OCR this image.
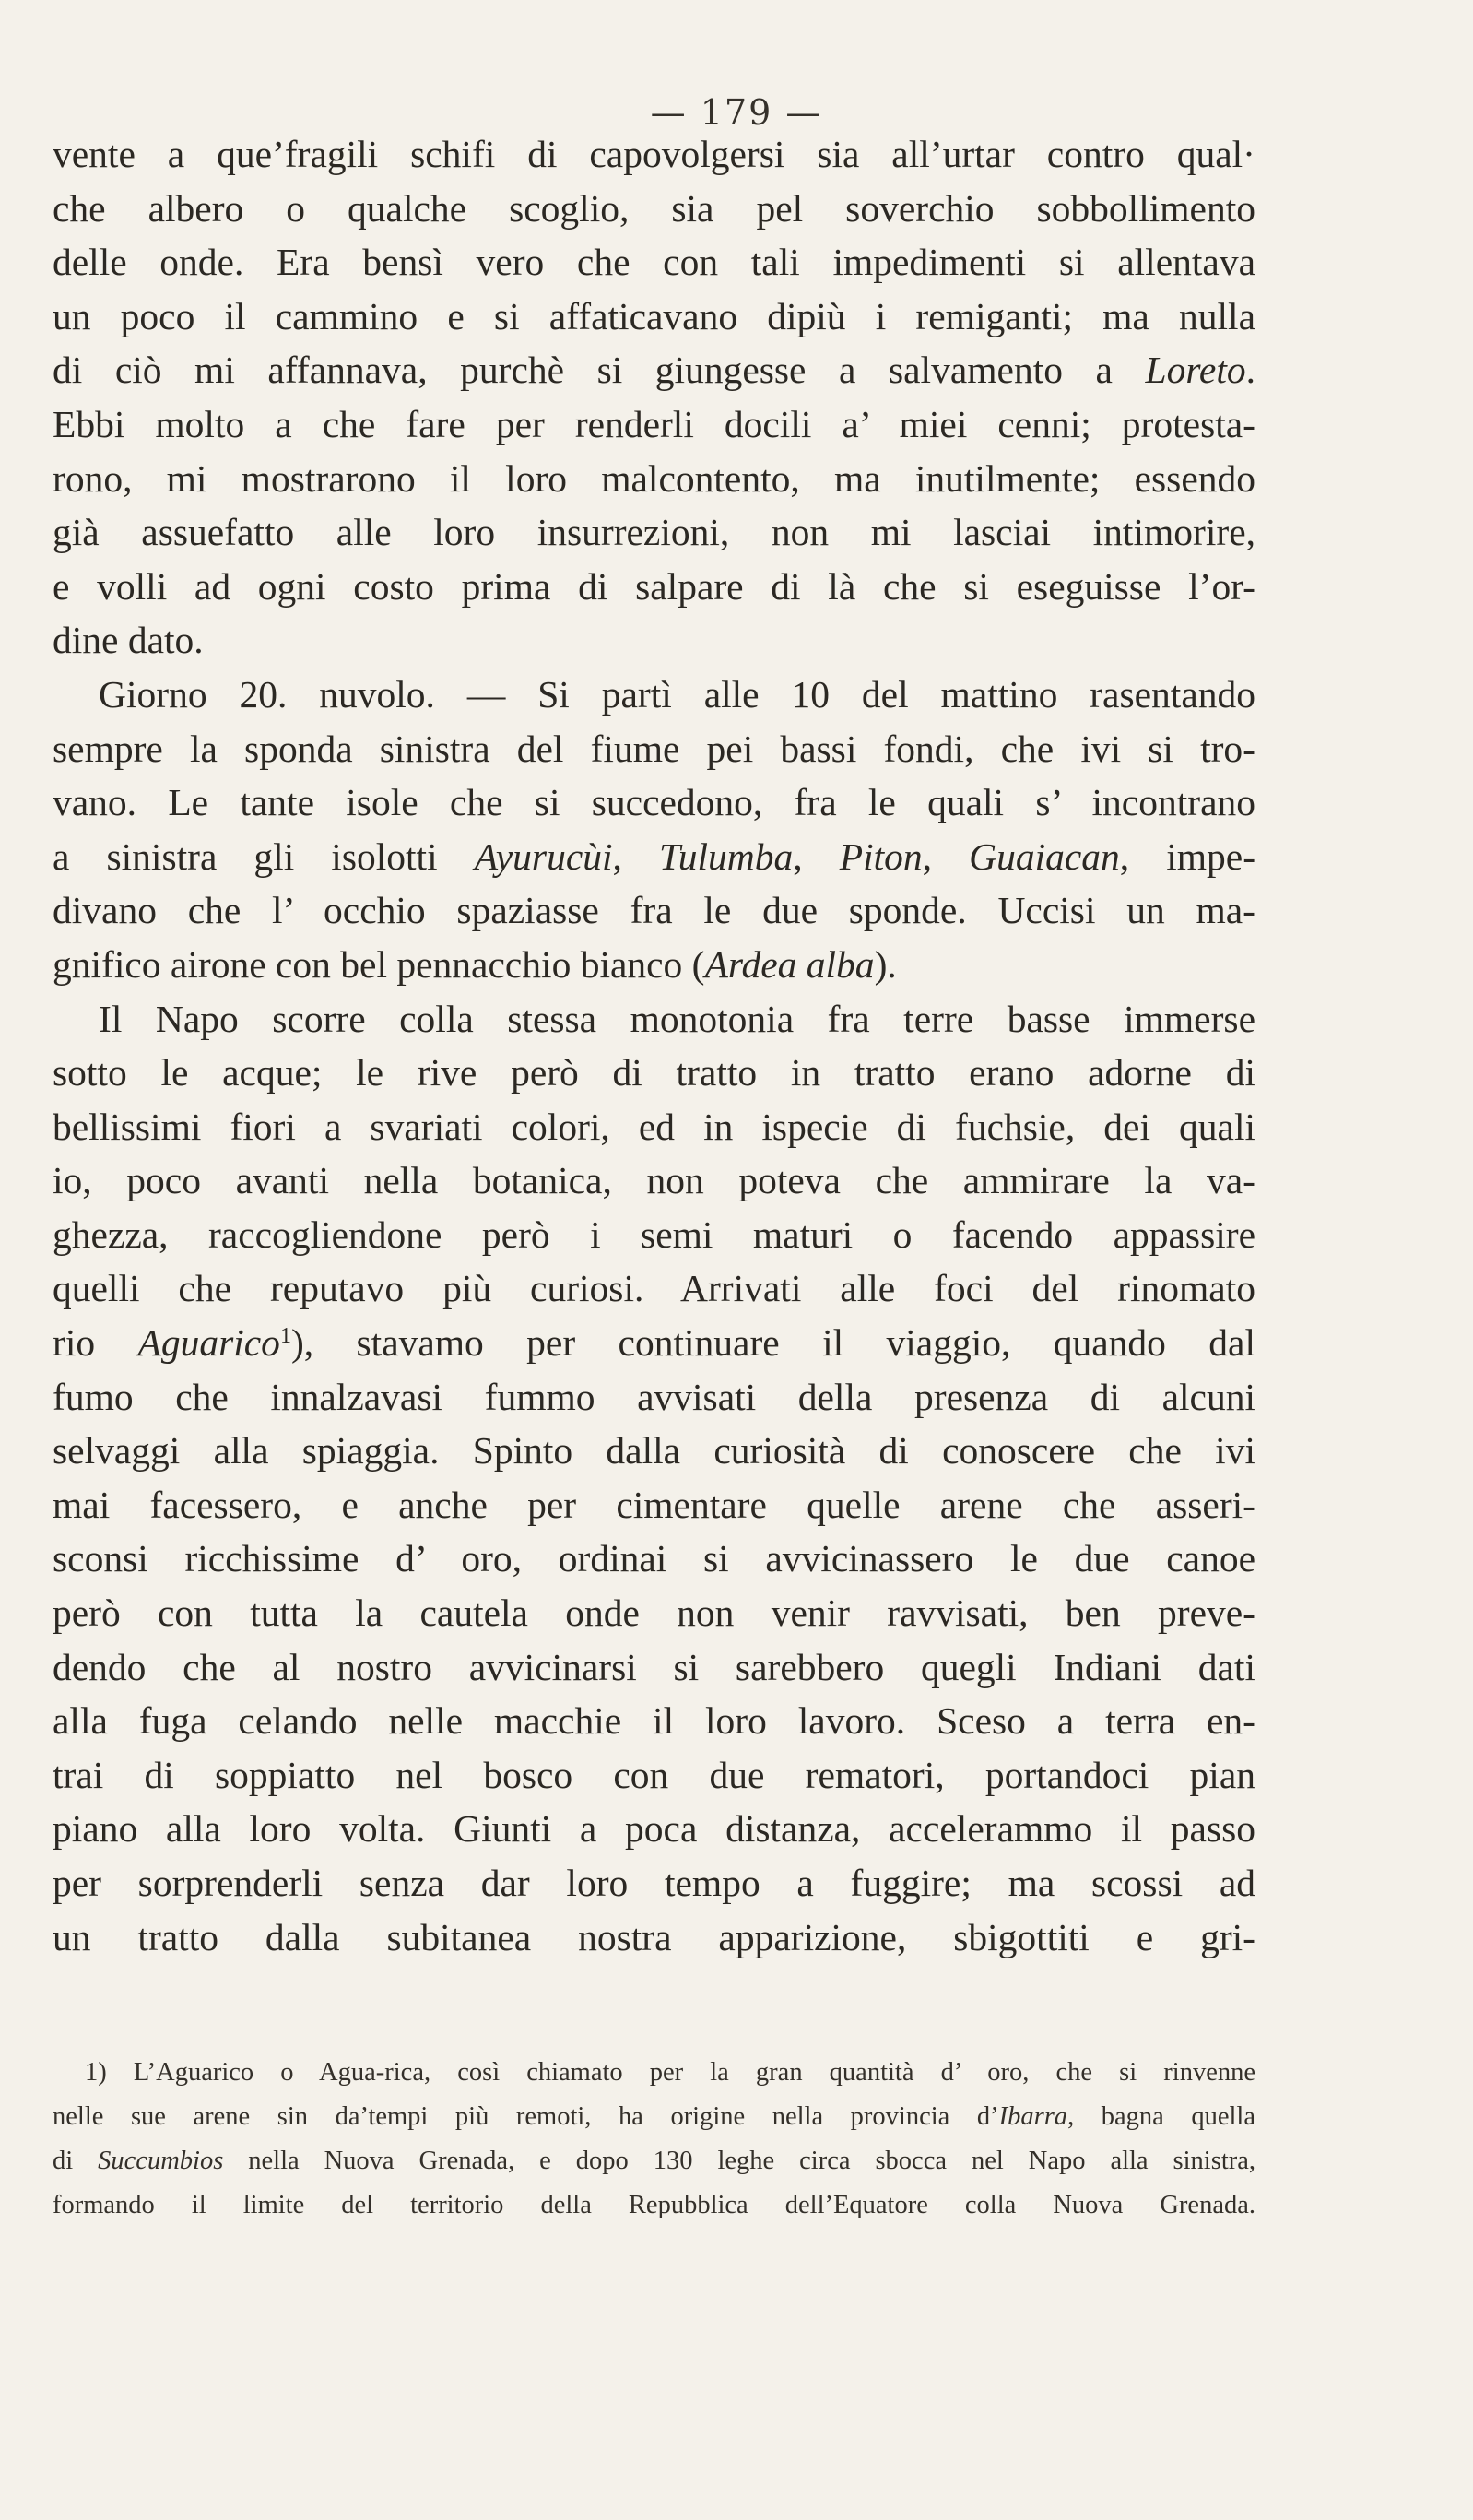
— 179 —
vente a que’fragili schifi di capovolgersi sia all’urtar contro qual·
che albero o qualche scoglio, sia pel soverchio sobbollimento
delle onde. Era bensì vero che con tali impedimenti si allentava
un poco il cammino e si affaticavano dipiù i remiganti; ma nulla
di ciò mi affannava, purchè si giungesse a salvamento a Loreto.
Ebbi molto a che fare per renderli docili a’ miei cenni; protesta-
rono, mi mostrarono il loro malcontento, ma inutilmente; essendo
già assuefatto alle loro insurrezioni, non mi lasciai intimorire,
e volli ad ogni costo prima di salpare di là che si eseguisse l’or-
dine dato.
Giorno 20. nuvolo. — Si partì alle 10 del mattino rasentando
sempre la sponda sinistra del fiume pei bassi fondi, che ivi si tro-
vano. Le tante isole che si succedono, fra le quali s’ incontrano
a sinistra gli isolotti Ayurucùi, Tulumba, Piton, Guaiacan, impe-
divano che l’ occhio spaziasse fra le due sponde. Uccisi un ma-
gnifico airone con bel pennacchio bianco (Ardea alba).
Il Napo scorre colla stessa monotonia fra terre basse immerse
sotto le acque; le rive però di tratto in tratto erano adorne di
bellissimi fiori a svariati colori, ed in ispecie di fuchsie, dei quali
io, poco avanti nella botanica, non poteva che ammirare la va-
ghezza, raccogliendone però i semi maturi o facendo appassire
quelli che reputavo più curiosi. Arrivati alle foci del rinomato
rio Aguarico$^1$), stavamo per continuare il viaggio, quando dal
fumo che innalzavasi fummo avvisati della presenza di alcuni
selvaggi alla spiaggia. Spinto dalla curiosità di conoscere che ivi
mai facessero, e anche per cimentare quelle arene che asseri-
sconsi ricchissime d’ oro, ordinai si avvicinassero le due canoe
però con tutta la cautela onde non venir ravvisati, ben preve-
dendo che al nostro avvicinarsi si sarebbero quegli Indiani dati
alla fuga celando nelle macchie il loro lavoro. Sceso a terra en-
trai di soppiatto nel bosco con due rematori, portandoci pian
piano alla loro volta. Giunti a poca distanza, accelerammo il passo
per sorprenderli senza dar loro tempo a fuggire; ma scossi ad
un tratto dalla subitanea nostra apparizione, sbigottiti e gri-
1) L’Aguarico o Agua-rica, così chiamato per la gran quantità d’ oro, che si rinvenne
nelle sue arene sin da’tempi più remoti, ha origine nella provincia d’Ibarra, bagna quella
di Succumbios nella Nuova Grenada, e dopo 130 leghe circa sbocca nel Napo alla sinistra,
formando il limite del territorio della Repubblica dell’Equatore colla Nuova Grenada.
